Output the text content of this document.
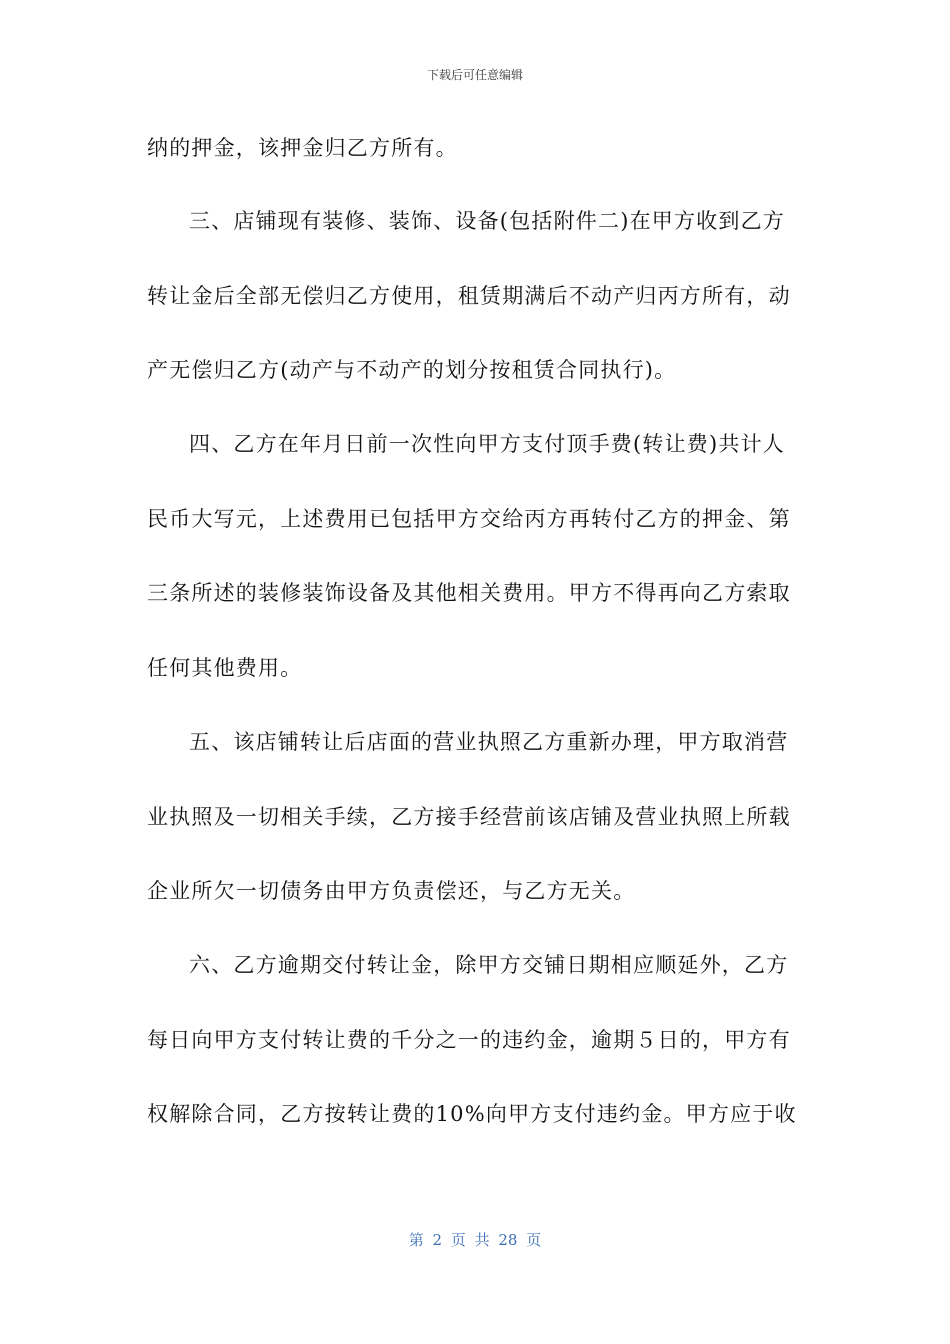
下载后可任意编辑
纳的押金，该押金归乙方所有。
三、店铺现有装修、装饰、设备(包括附件二)在甲方收到乙方
转让金后全部无偿归乙方使用，租赁期满后不动产归丙方所有，动
产无偿归乙方(动产与不动产的划分按租赁合同执行)。
四、乙方在年月日前一次性向甲方支付顶手费(转让费)共计人
民币大写元，上述费用已包括甲方交给丙方再转付乙方的押金、第
三条所述的装修装饰设备及其他相关费用。甲方不得再向乙方索取
任何其他费用。
五、该店铺转让后店面的营业执照乙方重新办理，甲方取消营
业执照及一切相关手续，乙方接手经营前该店铺及营业执照上所载
企业所欠一切债务由甲方负责偿还，与乙方无关。
六、乙方逾期交付转让金，除甲方交铺日期相应顺延外，乙方
每日向甲方支付转让费的千分之一的违约金，逾期５日的，甲方有
权解除合同，乙方按转让费的10%向甲方支付违约金。甲方应于收
第 2 页 共 28 页
